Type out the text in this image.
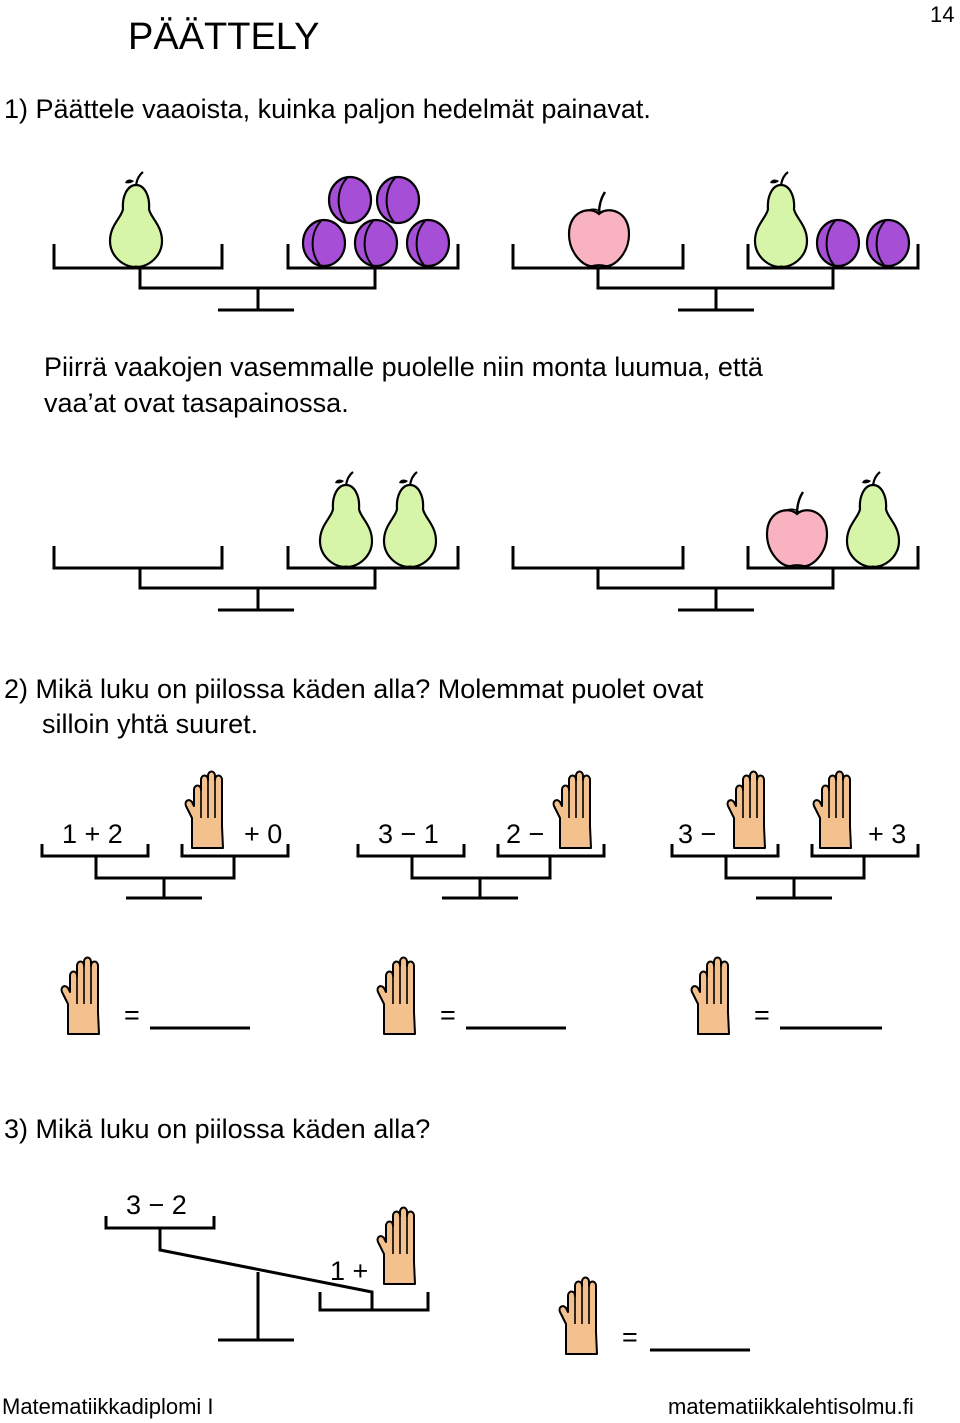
PÄÄTTELY
14
1) Päättele vaaoista, kuinka paljon hedelmät painavat.
Piirrä vaakojen vasemmalle puolelle niin monta luumua, että
vaa’at ovat tasapainossa.
2) Mikä luku on piilossa käden alla? Molemmat puolet ovat
silloin yhtä suuret.
1 + 2	+ 0	3 − 1 2 −	3 −	+ 3
=	=	=
3) Mikä luku on piilossa käden alla?
3 − 2
1 +
=
Matematiikkadiplomi I	matematiikkalehtisolmu.fi
